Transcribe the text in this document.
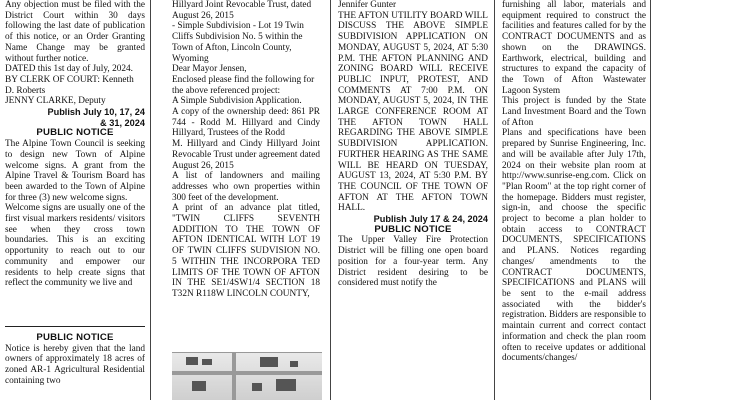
Any objection must be filed with the District Court within 30 days following the last date of publication of this notice, or an Order Granting Name Change may be granted without further notice.

DATED this 1st day of July, 2024.

BY CLERK OF COURT: Kenneth D. Roberts

JENNY CLARKE, Deputy

Publish July 10, 17, 24
& 31, 2024

PUBLIC NOTICE

The Alpine Town Council is seeking to design new Town of Alpine welcome signs. A grant from the Alpine Travel & Tourism Board has been awarded to the Town of Alpine for three (3) new welcome signs.

Welcome signs are usually one of the first visual markers residents/ visitors see when they cross town boundaries. This is an exciting opportunity to reach out to our community and empower our residents to help create signs that reflect the community we live and

PUBLIC NOTICE

Notice is hereby given that the land owners of approximately 18 acres of zoned AR-1 Agricultural Residential containing two

Hillyard Joint Revocable Trust, dated August 26, 2015

- Simple Subdivision - Lot 19 Twin Cliffs Subdivision No. 5 within the Town of Afton, Lincoln County, Wyoming

Dear Mayor Jensen,

Enclosed please find the following for the above referenced project:

A Simple Subdivision Application.

A copy of the ownership deed: 861 PR 744 - Rodd M. Hillyard and Cindy Hillyard, Trustees of the Rodd

M. Hillyard and Cindy Hillyard Joint Revocable Trust under agreement dated August 26, 2015

A list of landowners and mailing addresses who own properties within 300 feet of the development.

A print of an advance plat titled, "TWIN CLIFFS SEVENTH ADDITION TO THE TOWN OF AFTON IDENTICAL WITH LOT 19 OF TWIN CLIFFS SUDVISION NO. 5 WITHIN THE INCORPORA TED LIMITS OF THE TOWN OF AFTON IN THE SE1/4SW1/4 SECTION 18 T32N R118W LINCOLN COUNTY,

Jennifer Gunter

THE AFTON UTILITY BOARD WILL DISCUSS THE ABOVE SIMPLE SUBDIVISION APPLICATION ON MONDAY, AUGUST 5, 2024, AT 5:30 P.M. THE AFTON PLANNING AND ZONING BOARD WILL RECEIVE PUBLIC INPUT, PROTEST, AND COMMENTS AT 7:00 P.M. ON MONDAY, AUGUST 5, 2024, IN THE LARGE CONFERENCE ROOM AT THE AFTON TOWN HALL REGARDING THE ABOVE SIMPLE SUBDIVISION APPLICATION. FURTHER HEARING AS THE SAME WILL BE HEARD ON TUESDAY, AUGUST 13, 2024, AT 5:30 P.M. BY THE COUNCIL OF THE TOWN OF AFTON AT THE AFTON TOWN HALL.

Publish July 17 & 24, 2024

PUBLIC NOTICE

The Upper Valley Fire Protection District will be filling one open board position for a four-year term. Any District resident desiring to be considered must notify the

furnishing all labor, materials and equipment required to construct the facilities and features called for by the CONTRACT DOCUMENTS and as shown on the DRAWINGS. Earthwork, electrical, building and structures to expand the capacity of the Town of Afton Wastewater Lagoon System

This project is funded by the State Land Investment Board and the Town of Afton

Plans and specifications have been prepared by Sunrise Engineering, Inc. and will be available after July 17th, 2024 on their website plan room at http://www.sunrise-eng.com. Click on "Plan Room" at the top right corner of the homepage. Bidders must register, sign-in, and choose the specific project to become a plan holder to obtain access to CONTRACT DOCUMENTS, SPECIFICATIONS and PLANS. Notices regarding changes/ amendments to the CONTRACT DOCUMENTS, SPECIFICATIONS and PLANS will be sent to the e-mail address associated with the bidder's registration. Bidders are responsible to maintain current and correct contact information and check the plan room often to receive updates or additional documents/changes/
